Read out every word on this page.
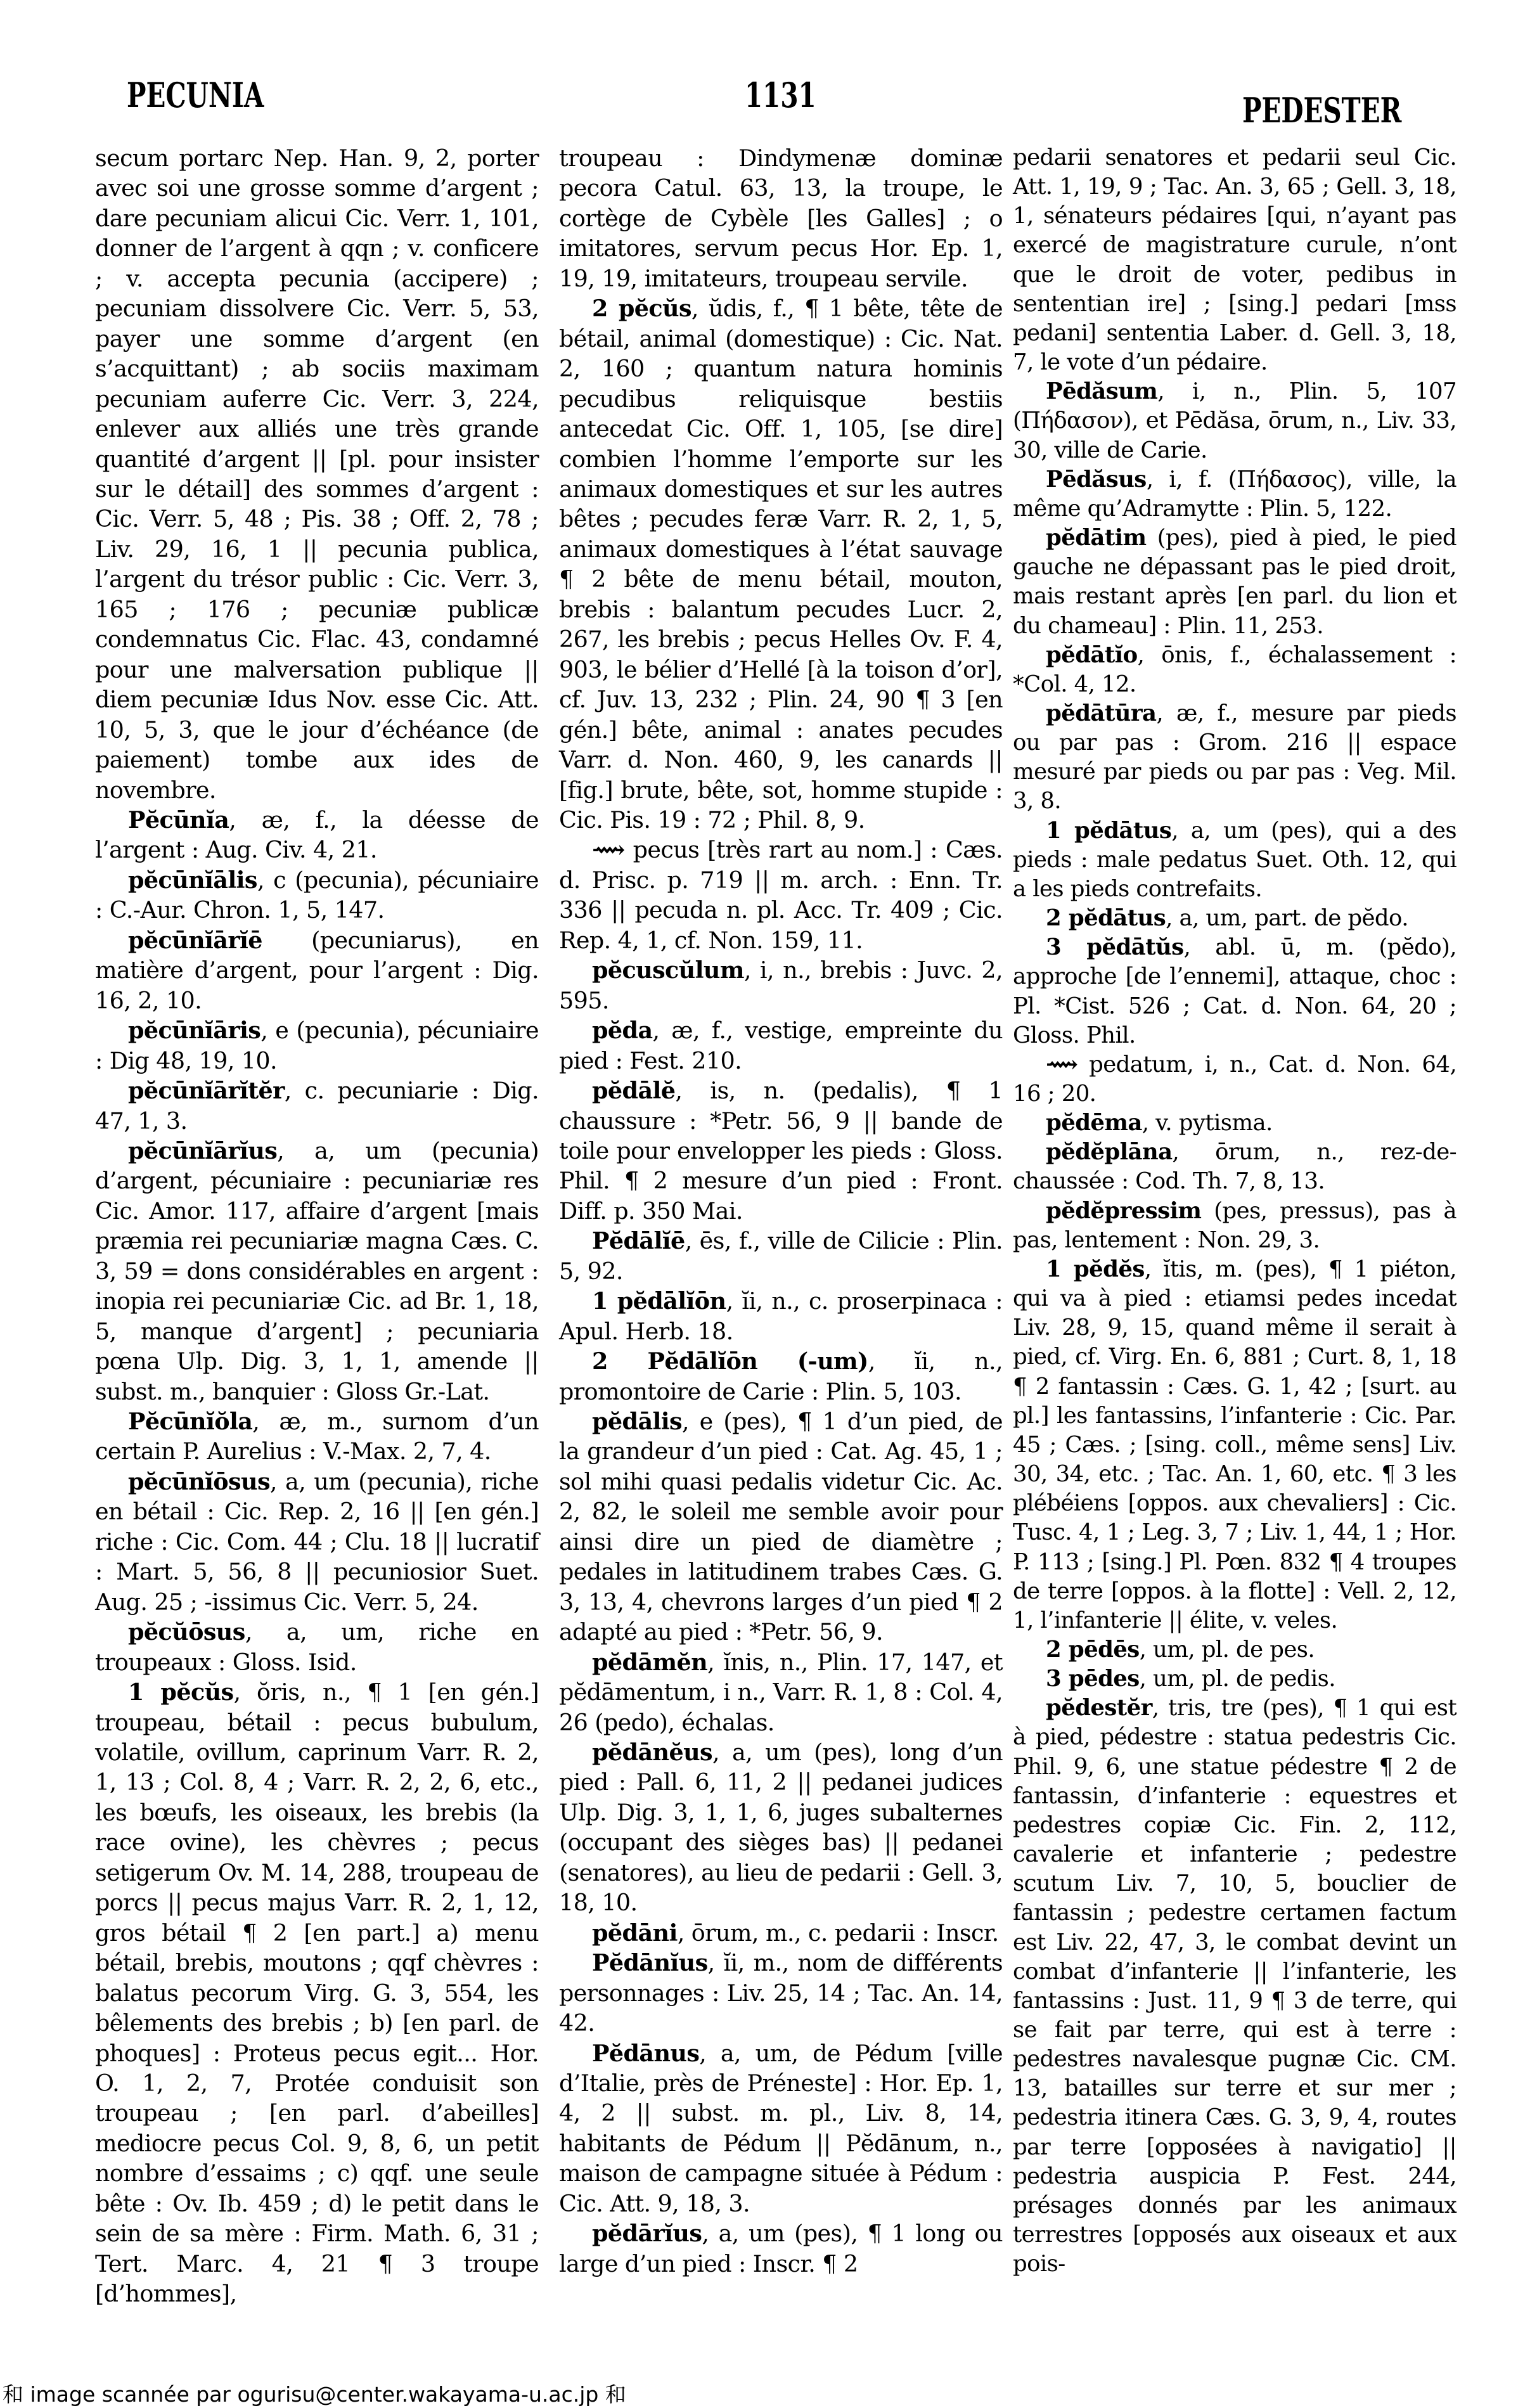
PECUNIA	1131	PEDESTER

secum portarc Nep. Han. 9, 2, porter avec soi une grosse somme d’argent ; dare pecuniam alicui Cic. Verr. 1, 101, donner de l’argent à qqn ; v. conficere ; v. accepta pecunia (accipere) ; pecuniam dissolvere Cic. Verr. 5, 53, payer une somme d’argent (en s’acquittant) ; ab sociis maximam pecuniam auferre Cic. Verr. 3, 224, enlever aux alliés une très grande quantité d’argent || [pl. pour insister sur le détail] des sommes d’argent : Cic. Verr. 5, 48 ; Pis. 38 ; Off. 2, 78 ; Liv. 29, 16, 1 || pecunia publica, l’argent du trésor public : Cic. Verr. 3, 165 ; 176 ; pecuniæ publicæ condemnatus Cic. Flac. 43, condamné pour une malversation publique || diem pecuniæ Idus Nov. esse Cic. Att. 10, 5, 3, que le jour d’échéance (de paiement) tombe aux ides de novembre.

Pĕcūnĭa, æ, f., la déesse de l’argent : Aug. Civ. 4, 21.

pĕcūnĭālis, c (pecunia), pécuniaire : C.-Aur. Chron. 1, 5, 147.

pĕcūnĭārĭē (pecuniarus), en matière d’argent, pour l’argent : Dig. 16, 2, 10.

pĕcūnĭāris, e (pecunia), pécuniaire : Dig 48, 19, 10.

pĕcūnĭārĭtĕr, c. pecuniarie : Dig. 47, 1, 3.

pĕcūnĭārĭus, a, um (pecunia) d’argent, pécuniaire : pecuniariæ res Cic. Amor. 117, affaire d’argent [mais præmia rei pecuniariæ magna Cæs. C. 3, 59 = dons considérables en argent : inopia rei pecuniariæ Cic. ad Br. 1, 18, 5, manque d’argent] ; pecuniaria pœna Ulp. Dig. 3, 1, 1, amende || subst. m., banquier : Gloss Gr.-Lat.

Pĕcūnĭŏla, æ, m., surnom d’un certain P. Aurelius : V.-Max. 2, 7, 4.

pĕcūnĭōsus, a, um (pecunia), riche en bétail : Cic. Rep. 2, 16 || [en gén.] riche : Cic. Com. 44 ; Clu. 18 || lucratif : Mart. 5, 56, 8 || pecuniosior Suet. Aug. 25 ; -issimus Cic. Verr. 5, 24.

pĕcŭōsus, a, um, riche en troupeaux : Gloss. Isid.

1 pĕcŭs, ŏris, n., ¶ 1 [en gén.] troupeau, bétail : pecus bubulum, volatile, ovillum, caprinum Varr. R. 2, 1, 13 ; Col. 8, 4 ; Varr. R. 2, 2, 6, etc., les bœufs, les oiseaux, les brebis (la race ovine), les chèvres ; pecus setigerum Ov. M. 14, 288, troupeau de porcs || pecus majus Varr. R. 2, 1, 12, gros bétail ¶ 2 [en part.] a) menu bétail, brebis, moutons ; qqf chèvres : balatus pecorum Virg. G. 3, 554, les bêlements des brebis ; b) [en parl. de phoques] : Proteus pecus egit... Hor. O. 1, 2, 7, Protée conduisit son troupeau ; [en parl. d’abeilles] mediocre pecus Col. 9, 8, 6, un petit nombre d’essaims ; c) qqf. une seule bête : Ov. Ib. 459 ; d) le petit dans le sein de sa mère : Firm. Math. 6, 31 ; Tert. Marc. 4, 21 ¶ 3 troupe [d’hommes],

troupeau : Dindymenæ dominæ pecora Catul. 63, 13, la troupe, le cortège de Cybèle [les Galles] ; o imitatores, servum pecus Hor. Ep. 1, 19, 19, imitateurs, troupeau servile.

2 pĕcŭs, ŭdis, f., ¶ 1 bête, tête de bétail, animal (domestique) : Cic. Nat. 2, 160 ; quantum natura hominis pecudibus reliquisque bestiis antecedat Cic. Off. 1, 105, [se dire] combien l’homme l’emporte sur les animaux domestiques et sur les autres bêtes ; pecudes feræ Varr. R. 2, 1, 5, animaux domestiques à l’état sauvage ¶ 2 bête de menu bétail, mouton, brebis : balantum pecudes Lucr. 2, 267, les brebis ; pecus Helles Ov. F. 4, 903, le bélier d’Hellé [à la toison d’or], cf. Juv. 13, 232 ; Plin. 24, 90 ¶ 3 [en gén.] bête, animal : anates pecudes Varr. d. Non. 460, 9, les canards || [fig.] brute, bête, sot, homme stupide : Cic. Pis. 19 : 72 ; Phil. 8, 9.

⟿ pecus [très rart au nom.] : Cæs. d. Prisc. p. 719 || m. arch. : Enn. Tr. 336 || pecuda n. pl. Acc. Tr. 409 ; Cic. Rep. 4, 1, cf. Non. 159, 11.

pĕcuscŭlum, i, n., brebis : Juvc. 2, 595.

pĕda, æ, f., vestige, empreinte du pied : Fest. 210.

pĕdālĕ, is, n. (pedalis), ¶ 1 chaussure : *Petr. 56, 9 || bande de toile pour envelopper les pieds : Gloss. Phil. ¶ 2 mesure d’un pied : Front. Diff. p. 350 Mai.

Pĕdālĭē, ēs, f., ville de Cilicie : Plin. 5, 92.

1 pĕdālĭōn, ĭi, n., c. proserpinaca : Apul. Herb. 18.

2 Pĕdālĭōn (-um), ĭi, n., promontoire de Carie : Plin. 5, 103.

pĕdālis, e (pes), ¶ 1 d’un pied, de la grandeur d’un pied : Cat. Ag. 45, 1 ; sol mihi quasi pedalis videtur Cic. Ac. 2, 82, le soleil me semble avoir pour ainsi dire un pied de diamètre ; pedales in latitudinem trabes Cæs. G. 3, 13, 4, chevrons larges d’un pied ¶ 2 adapté au pied : *Petr. 56, 9.

pĕdāmĕn, ĭnis, n., Plin. 17, 147, et pĕdāmentum, i n., Varr. R. 1, 8 : Col. 4, 26 (pedo), échalas.

pĕdānĕus, a, um (pes), long d’un pied : Pall. 6, 11, 2 || pedanei judices Ulp. Dig. 3, 1, 1, 6, juges subalternes (occupant des sièges bas) || pedanei (senatores), au lieu de pedarii : Gell. 3, 18, 10.

pĕdāni, ōrum, m., c. pedarii : Inscr.

Pĕdānĭus, ĭi, m., nom de différents personnages : Liv. 25, 14 ; Tac. An. 14, 42.

Pĕdānus, a, um, de Pédum [ville d’Italie, près de Préneste] : Hor. Ep. 1, 4, 2 || subst. m. pl., Liv. 8, 14, habitants de Pédum || Pĕdānum, n., maison de campagne située à Pédum : Cic. Att. 9, 18, 3.

pĕdārĭus, a, um (pes), ¶ 1 long ou large d’un pied : Inscr. ¶ 2

pedarii senatores et pedarii seul Cic. Att. 1, 19, 9 ; Tac. An. 3, 65 ; Gell. 3, 18, 1, sénateurs pédaires [qui, n’ayant pas exercé de magistrature curule, n’ont que le droit de voter, pedibus in sententian ire] ; [sing.] pedari [mss pedani] sententia Laber. d. Gell. 3, 18, 7, le vote d’un pédaire.

Pēdăsum, i, n., Plin. 5, 107 (Πήδασον), et Pēdăsa, ōrum, n., Liv. 33, 30, ville de Carie.

Pēdăsus, i, f. (Πήδασος), ville, la même qu’Adramytte : Plin. 5, 122.

pĕdātim (pes), pied à pied, le pied gauche ne dépassant pas le pied droit, mais restant après [en parl. du lion et du chameau] : Plin. 11, 253.

pĕdātĭo, ōnis, f., échalassement : *Col. 4, 12.

pĕdātūra, æ, f., mesure par pieds ou par pas : Grom. 216 || espace mesuré par pieds ou par pas : Veg. Mil. 3, 8.

1 pĕdātus, a, um (pes), qui a des pieds : male pedatus Suet. Oth. 12, qui a les pieds contrefaits.

2 pĕdātus, a, um, part. de pĕdo.

3 pĕdātŭs, abl. ū, m. (pĕdo), approche [de l’ennemi], attaque, choc : Pl. *Cist. 526 ; Cat. d. Non. 64, 20 ; Gloss. Phil.

⟿ pedatum, i, n., Cat. d. Non. 64, 16 ; 20.

pĕdēma, v. pytisma.

pĕdĕplāna, ōrum, n., rez-de-chaussée : Cod. Th. 7, 8, 13.

pĕdĕpressim (pes, pressus), pas à pas, lentement : Non. 29, 3.

1 pĕdĕs, ĭtis, m. (pes), ¶ 1 piéton, qui va à pied : etiamsi pedes incedat Liv. 28, 9, 15, quand même il serait à pied, cf. Virg. En. 6, 881 ; Curt. 8, 1, 18 ¶ 2 fantassin : Cæs. G. 1, 42 ; [surt. au pl.] les fantassins, l’infanterie : Cic. Par. 45 ; Cæs. ; [sing. coll., même sens] Liv. 30, 34, etc. ; Tac. An. 1, 60, etc. ¶ 3 les plébéiens [oppos. aux chevaliers] : Cic. Tusc. 4, 1 ; Leg. 3, 7 ; Liv. 1, 44, 1 ; Hor. P. 113 ; [sing.] Pl. Pœn. 832 ¶ 4 troupes de terre [oppos. à la flotte] : Vell. 2, 12, 1, l’infanterie || élite, v. veles.

2 pēdēs, um, pl. de pes.

3 pēdes, um, pl. de pedis.

pĕdestĕr, tris, tre (pes), ¶ 1 qui est à pied, pédestre : statua pedestris Cic. Phil. 9, 6, une statue pédestre ¶ 2 de fantassin, d’infanterie : equestres et pedestres copiæ Cic. Fin. 2, 112, cavalerie et infanterie ; pedestre scutum Liv. 7, 10, 5, bouclier de fantassin ; pedestre certamen factum est Liv. 22, 47, 3, le combat devint un combat d’infanterie || l’infanterie, les fantassins : Just. 11, 9 ¶ 3 de terre, qui se fait par terre, qui est à terre : pedestres navalesque pugnæ Cic. CM. 13, batailles sur terre et sur mer ; pedestria itinera Cæs. G. 3, 9, 4, routes par terre [opposées à navigatio] || pedestria auspicia P. Fest. 244, présages donnés par les animaux terrestres [opposés aux oiseaux et aux pois-

和 image scannée par ogurisu@center.wakayama-u.ac.jp 和
